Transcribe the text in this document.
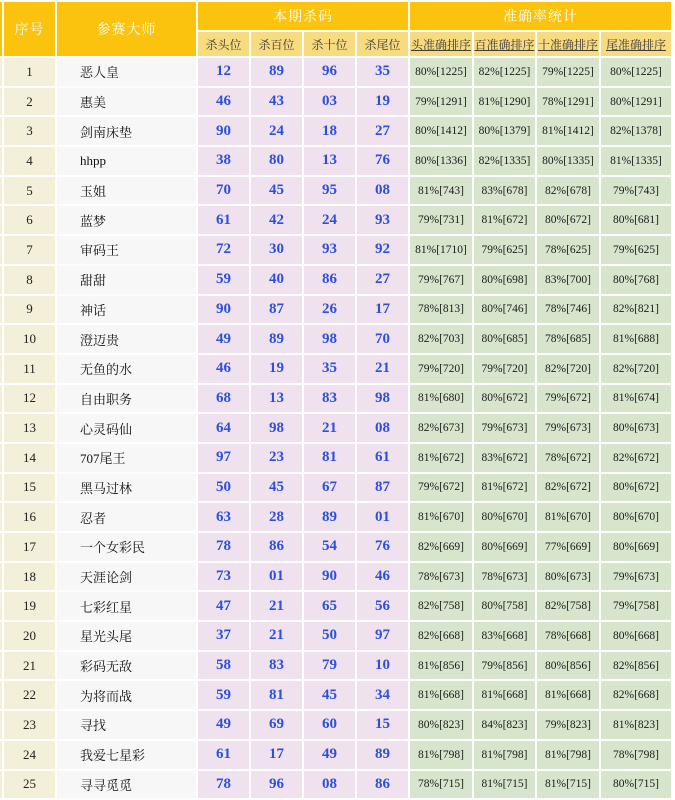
	序号	参赛大师	本期杀码				准确率统计			
			杀头位	杀百位	杀十位	杀尾位	头准确排序	百准确排序	十准确排序	尾准确排序
	1	恶人皇	12	89	96	35	80%[1225]	82%[1225]	79%[1225]	80%[1225]
	2	惠美	46	43	03	19	79%[1291]	81%[1290]	78%[1291]	80%[1291]
	3	剑南床垫	90	24	18	27	80%[1412]	80%[1379]	81%[1412]	82%[1378]
	4	hhpp	38	80	13	76	80%[1336]	82%[1335]	80%[1335]	81%[1335]
	5	玉姐	70	45	95	08	81%[743]	83%[678]	82%[678]	79%[743]
	6	蓝梦	61	42	24	93	79%[731]	81%[672]	80%[672]	80%[681]
	7	审码王	72	30	93	92	81%[1710]	79%[625]	78%[625]	79%[625]
	8	甜甜	59	40	86	27	79%[767]	80%[698]	83%[700]	80%[768]
	9	神话	90	87	26	17	78%[813]	80%[746]	78%[746]	82%[821]
	10	澄迈贵	49	89	98	70	82%[703]	80%[685]	78%[685]	81%[688]
	11	无鱼的水	46	19	35	21	79%[720]	79%[720]	82%[720]	82%[720]
	12	自由职务	68	13	83	98	81%[680]	80%[672]	79%[672]	81%[674]
	13	心灵码仙	64	98	21	08	82%[673]	79%[673]	79%[673]	80%[673]
	14	707尾王	97	23	81	61	81%[672]	83%[672]	78%[672]	82%[672]
	15	黑马过林	50	45	67	87	79%[672]	81%[672]	82%[672]	80%[672]
	16	忍者	63	28	89	01	81%[670]	80%[670]	81%[670]	80%[670]
	17	一个女彩民	78	86	54	76	82%[669]	80%[669]	77%[669]	80%[669]
	18	天涯论剑	73	01	90	46	78%[673]	78%[673]	80%[673]	79%[673]
	19	七彩红星	47	21	65	56	82%[758]	80%[758]	82%[758]	79%[758]
	20	星光头尾	37	21	50	97	82%[668]	83%[668]	78%[668]	80%[668]
	21	彩码无敌	58	83	79	10	81%[856]	79%[856]	80%[856]	82%[856]
	22	为将而战	59	81	45	34	81%[668]	81%[668]	81%[668]	82%[668]
	23	寻找	49	69	60	15	80%[823]	84%[823]	79%[823]	81%[823]
	24	我爱七星彩	61	17	49	89	81%[798]	81%[798]	81%[798]	78%[798]
	25	寻寻觅觅	78	96	08	86	78%[715]	81%[715]	81%[715]	80%[715]
